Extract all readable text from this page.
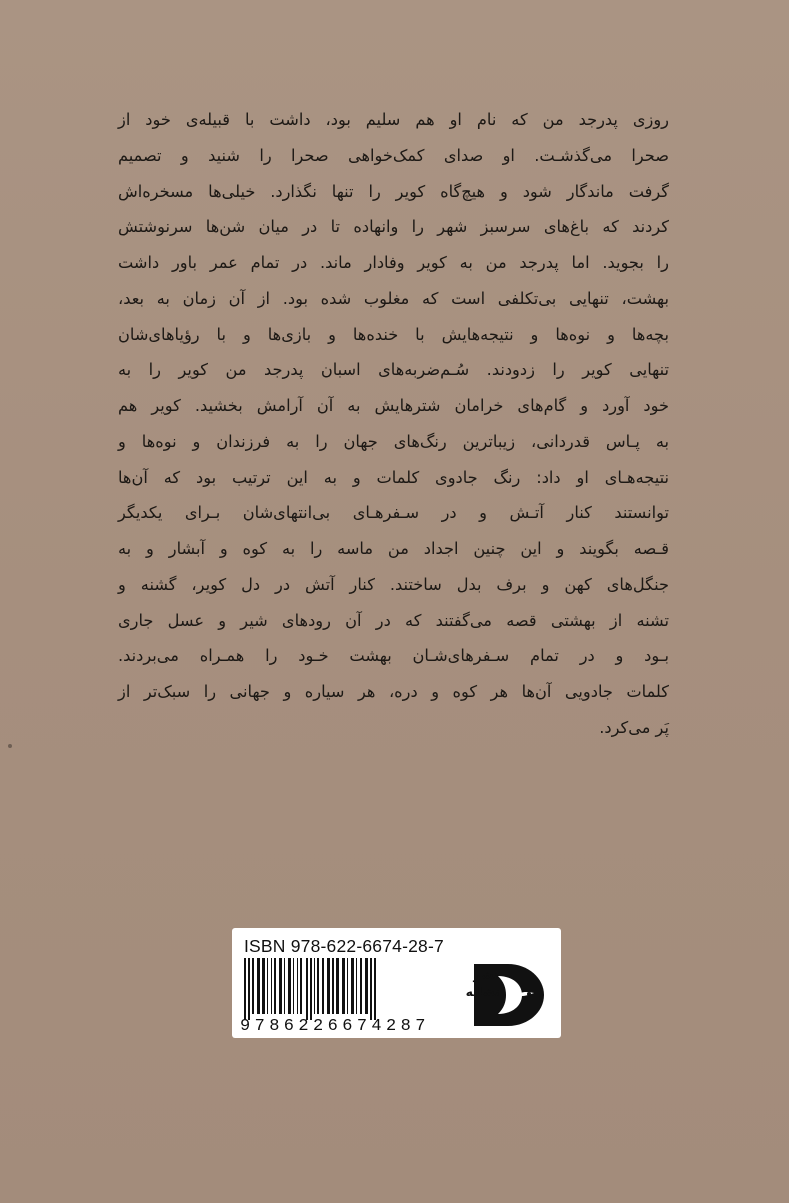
روزی پدرجد من که نام او هم سلیم بود، داشت با قبیله‌ی خود از
صحرا می‌گذشـت. او صدای کمک‌خواهی صحرا را شنید و تصمیم
گرفت ماندگار شود و هیچ‌گاه کویر را تنها نگذارد. خیلی‌ها مسخره‌اش
کردند که باغ‌های سرسبز شهر را وانهاده تا در میان شن‌ها سرنوشتش
را بجوید. اما پدرجد من به کویر وفادار ماند. در تمام عمر باور داشت
بهشت، تنهایی بی‌تکلفی است که مغلوب شده بود. از آن زمان به بعد،
بچه‌ها و نوه‌ها و نتیجه‌هایش با خنده‌ها و بازی‌ها و با رؤیاهای‌شان
تنهایی کویر را زدودند. سُـم‌ضربه‌های اسبان پدرجد من کویر را به
خود آورد و گام‌های خرامان شترهایش به آن آرامش بخشید. کویر هم
به پـاس قدردانی، زیباترین رنگ‌های جهان را به فرزندان و نوه‌ها و
نتیجه‌هـای او داد: رنگ جادوی کلمات و به این ترتیب بود که آن‌ها
توانستند کنار آتـش و در سـفرهـای بی‌انتهای‌شان بـرای یکدیگر
قـصه بگویند و این چنین اجداد من ماسه را به کوه و آبشار و به
جنگل‌های کهن و برف بدل ساختند. کنار آتش در دل کویر، گشنه و
تشنه از بهشتی قصه می‌گفتند که در آن رودهای شیر و عسل جاری
بـود و در تمام سـفرهای‌شـان بهشت خـود را همـراه می‌بردند.
کلمات جادویی آن‌ها هر کوه و دره، هر سیاره و جهانی را سبک‌تر از
پَر می‌کرد.
ISBN 978-622-6674-28-7
9786226674287
نشر
نشانه
